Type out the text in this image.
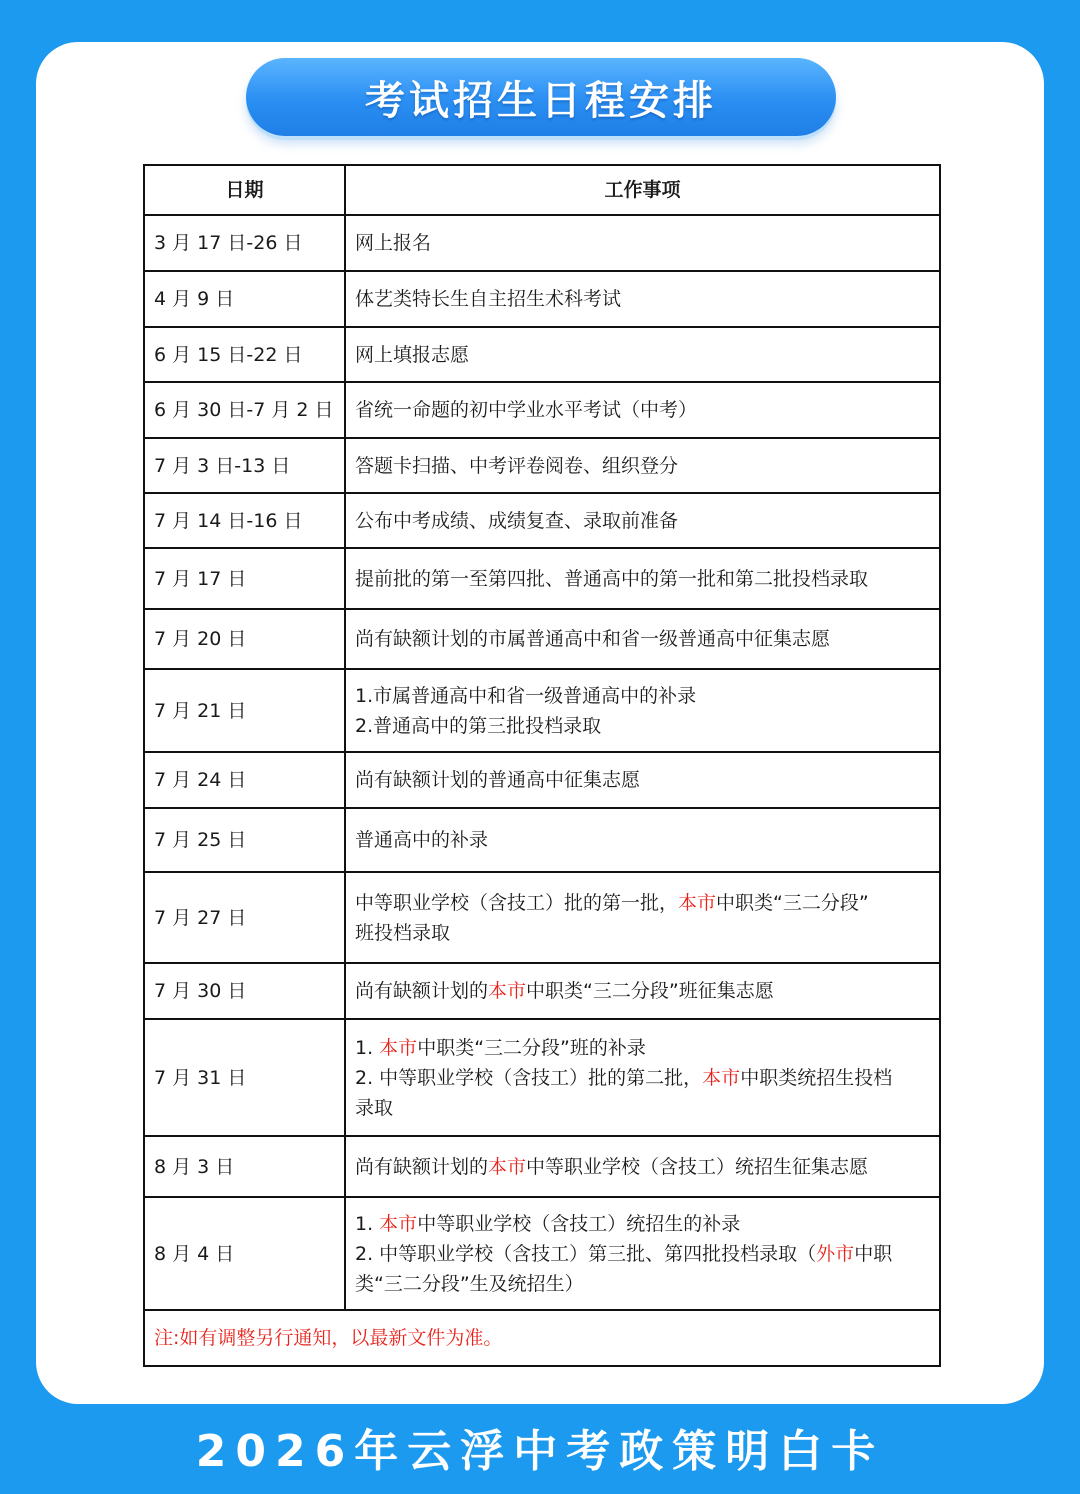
考试招生日程安排
日期	工作事项
3 月 17 日-26 日	网上报名

4 月 9 日	体艺类特长生自主招生术科考试

6 月 15 日-22 日	网上填报志愿

6 月 30 日-7 月 2 日	省统一命题的初中学业水平考试（中考）

7 月 3 日-13 日	答题卡扫描、中考评卷阅卷、组织登分

7 月 14 日-16 日	公布中考成绩、成绩复查、录取前准备

7 月 17 日	提前批的第一至第四批、普通高中的第一批和第二批投档录取

7 月 20 日	尚有缺额计划的市属普通高中和省一级普通高中征集志愿

7 月 21 日	1.市属普通高中和省一级普通高中的补录
2.普通高中的第三批投档录取

7 月 24 日	尚有缺额计划的普通高中征集志愿

7 月 25 日	普通高中的补录

7 月 27 日	中等职业学校（含技工）批的第一批，本市中职类“三二分段”
班投档录取

7 月 30 日	尚有缺额计划的本市中职类“三二分段”班征集志愿

7 月 31 日	1. 本市中职类“三二分段”班的补录
2. 中等职业学校（含技工）批的第二批，本市中职类统招生投档
录取

8 月 3 日	尚有缺额计划的本市中等职业学校（含技工）统招生征集志愿

8 月 4 日	1. 本市中等职业学校（含技工）统招生的补录
2. 中等职业学校（含技工）第三批、第四批投档录取（外市中职
类“三二分段”生及统招生）

注:如有调整另行通知，以最新文件为准。	
2026年云浮中考政策明白卡
